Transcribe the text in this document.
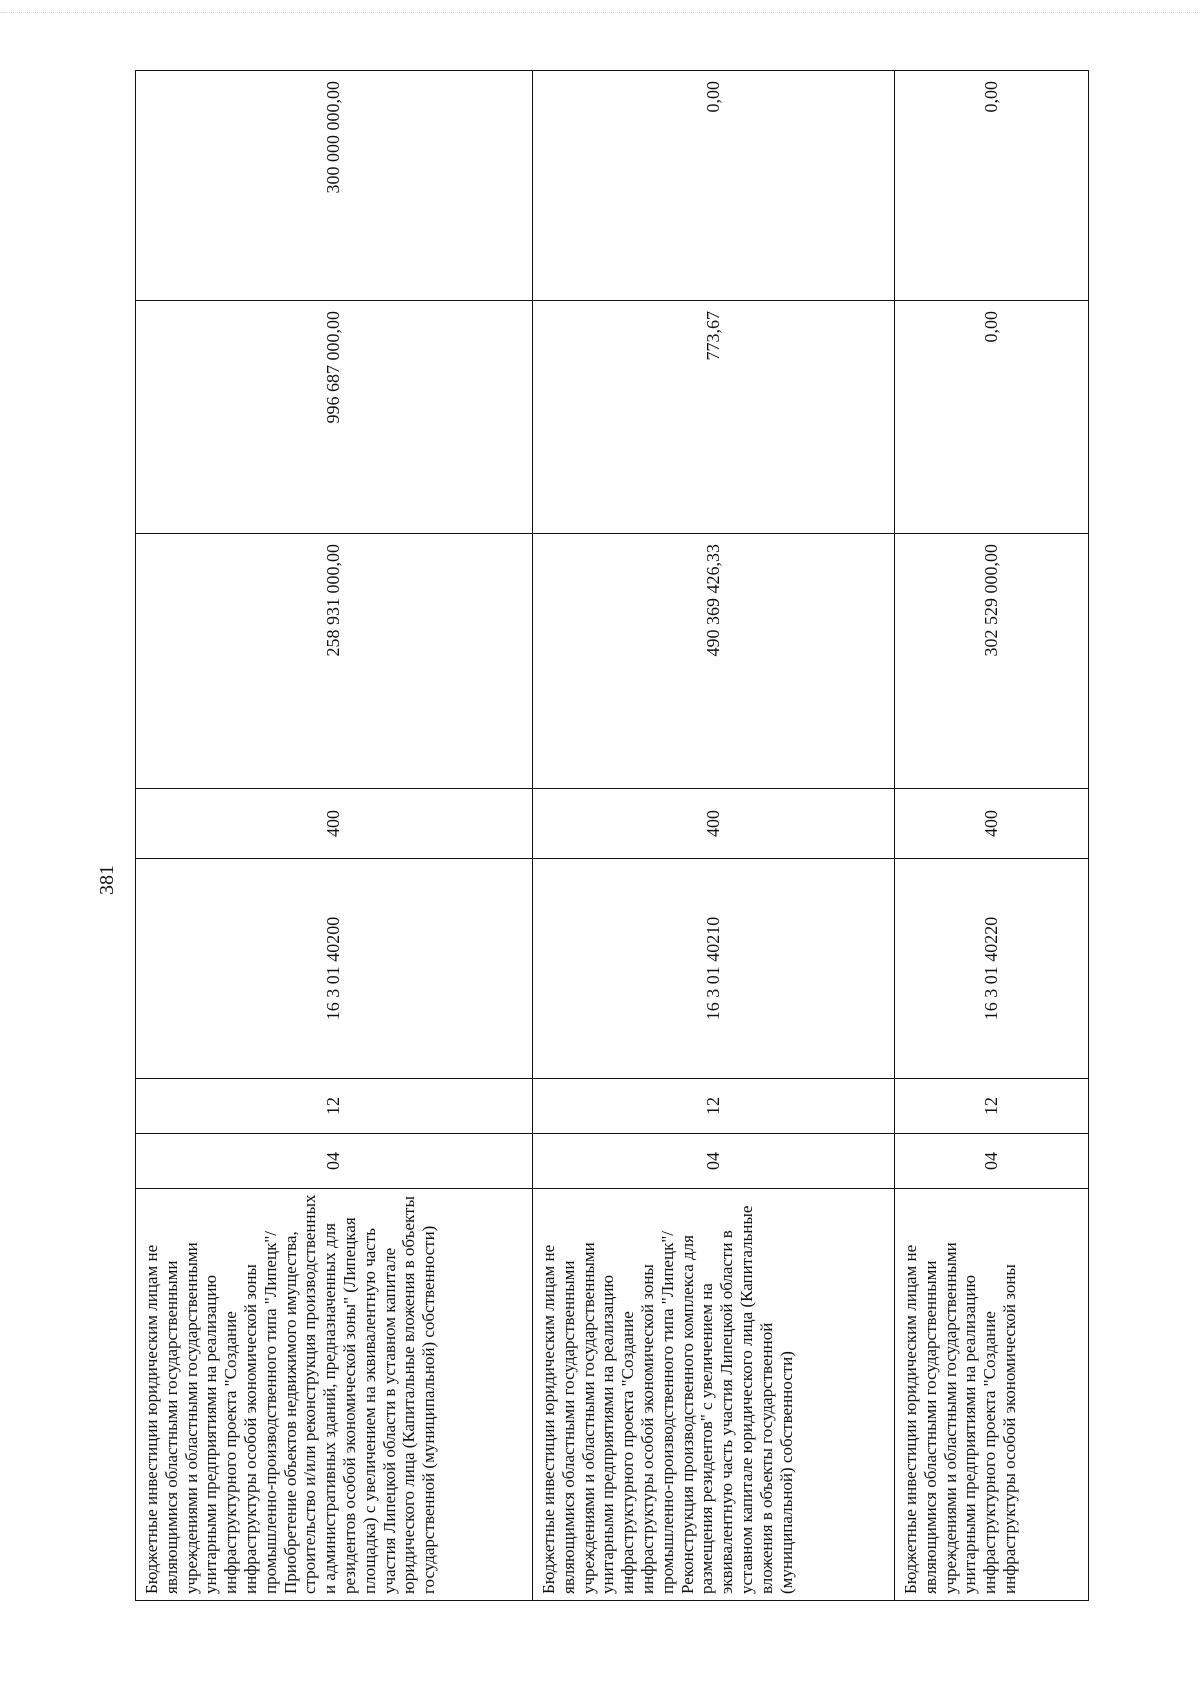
381
Бюджетные инвестиции юридическим лицам не являющимися областными государственными учреждениями и областными государственными унитарными предприятиями на реализацию инфраструктурного проекта "Создание инфраструктуры особой экономической зоны промышленно-производственного типа "Липецк"/Приобретение объектов недвижимого имущества, строительство и/или реконструкция производственных и административных зданий, предназначенных для резидентов особой экономической зоны" (Липецкая площадка) с увеличением на эквивалентную часть участия Липецкой области в уставном капитале юридического лица (Капитальные вложения в объекты государственной (муниципальной) собственности)	04	12	16 3 01 40200	400	258 931 000,00	996 687 000,00	300 000 000,00

Бюджетные инвестиции юридическим лицам не являющимися областными государственными учреждениями и областными государственными унитарными предприятиями на реализацию инфраструктурного проекта "Создание инфраструктуры особой экономической зоны промышленно-производственного типа "Липецк"/Реконструкция производственного комплекса для размещения резидентов" с увеличением на эквивалентную часть участия Липецкой области в уставном капитале юридического лица (Капитальные вложения в объекты государственной (муниципальной) собственности)	04	12	16 3 01 40210	400	490 369 426,33	773,67	0,00

Бюджетные инвестиции юридическим лицам не являющимися областными государственными учреждениями и областными государственными унитарными предприятиями на реализацию инфраструктурного проекта "Создание инфраструктуры особой экономической зоны	04	12	16 3 01 40220	400	302 529 000,00	0,00	0,00
